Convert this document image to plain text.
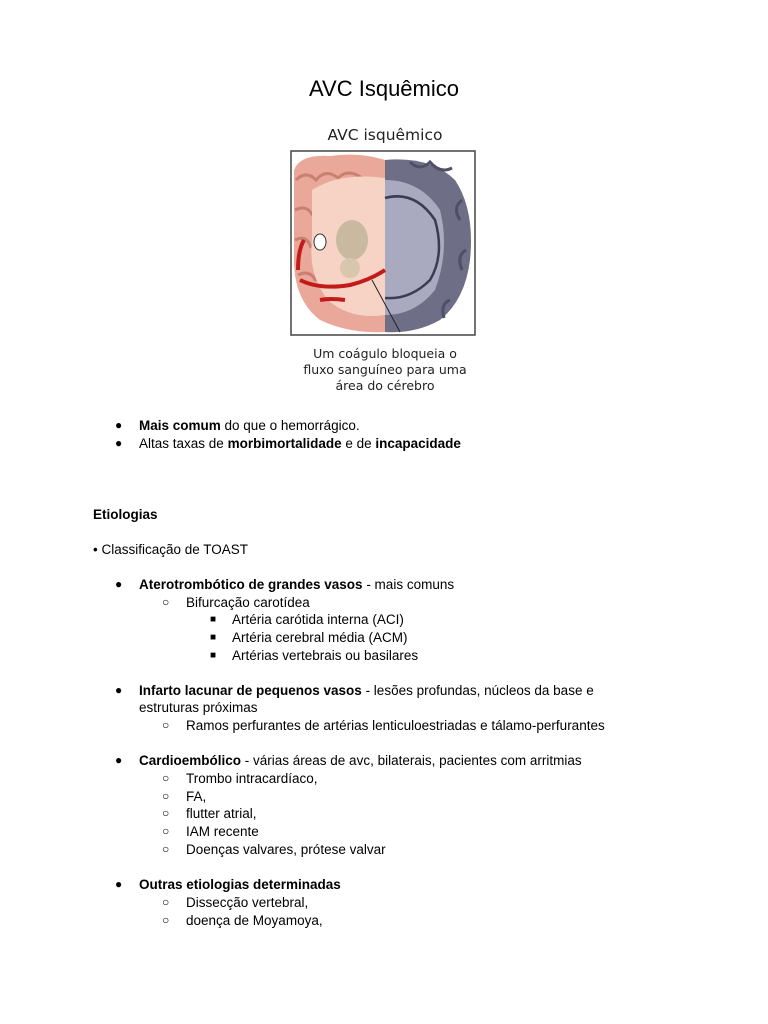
AVC Isquêmico
AVC isquêmico
Um coágulo bloqueia o
fluxo sanguíneo para uma
área do cérebro
● Mais comum do que o hemorrágico.
● Altas taxas de morbimortalidade e de incapacidade
Etiologias
• Classificação de TOAST
● Aterotrombótico de grandes vasos - mais comuns
○ Bifurcação carotídea
■ Artéria carótida interna (ACI)
■ Artéria cerebral média (ACM)
■ Artérias vertebrais ou basilares
● Infarto lacunar de pequenos vasos - lesões profundas, núcleos da base e
estruturas próximas
○ Ramos perfurantes de artérias lenticuloestriadas e tálamo-perfurantes
● Cardioembólico - várias áreas de avc, bilaterais, pacientes com arritmias
○ Trombo intracardíaco,
○ FA,
○ flutter atrial,
○ IAM recente
○ Doenças valvares, prótese valvar
● Outras etiologias determinadas
○ Dissecção vertebral,
○ doença de Moyamoya,
